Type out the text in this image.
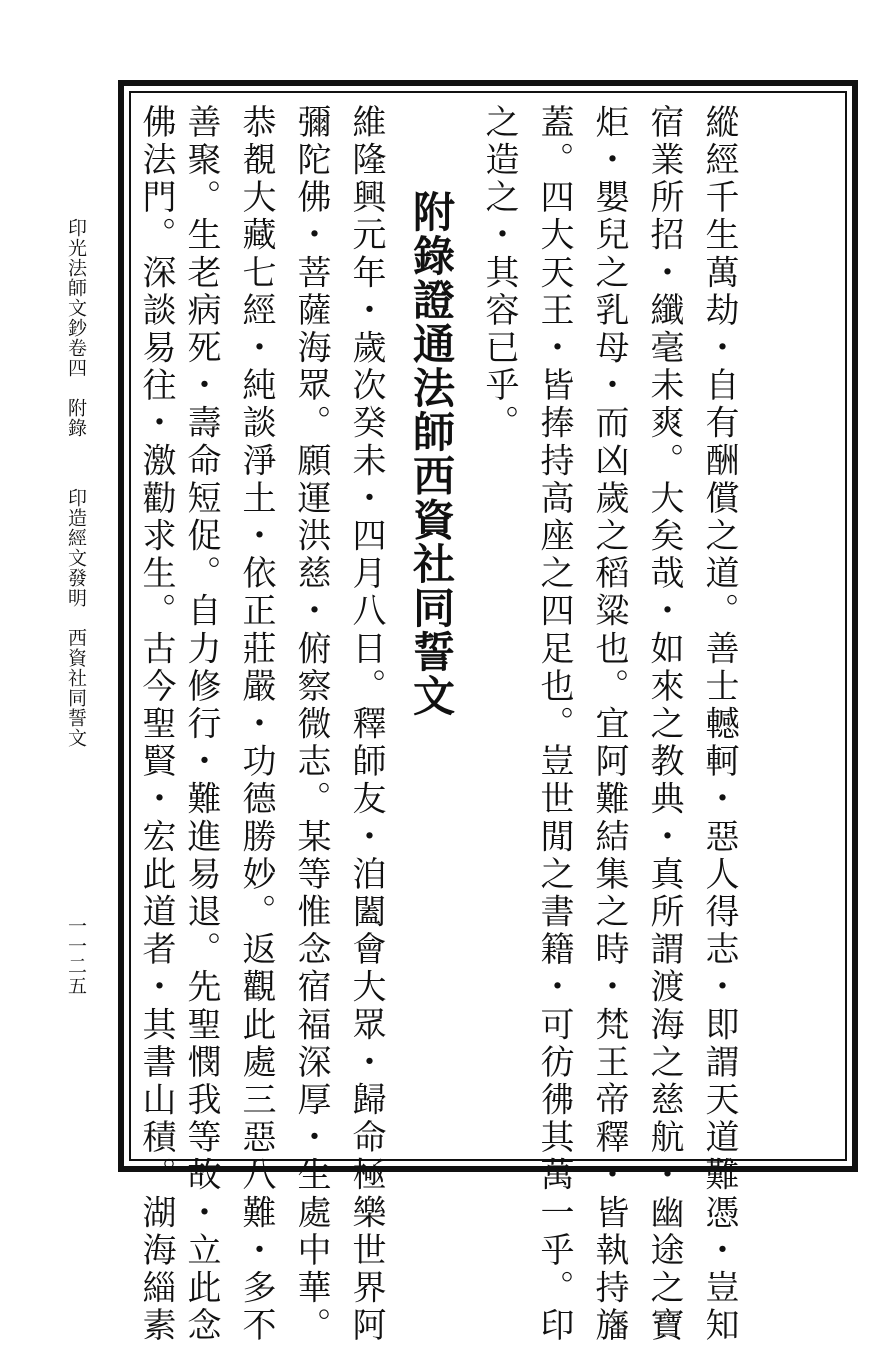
印光法師文鈔卷四　附錄
印造經文發明　西資社同誓文
一一二五	縱經千生萬劫・自有酬償之道。善士轗軻・惡人得志・即謂天道難憑・豈知
宿業所招・纖毫未爽。大矣哉・如來之教典・真所謂渡海之慈航・幽途之寶
炬・嬰兒之乳母・而凶歲之稻粱也。宜阿難結集之時・梵王帝釋・皆執持旛
蓋。四大天王・皆捧持高座之四足也。豈世閒之書籍・可彷彿其萬一乎。印
之造之・其容已乎。
附錄證通法師西資社同誓文
維隆興元年・歲次癸未・四月八日。釋師友・洎闔會大眾・歸命極樂世界阿
彌陀佛・菩薩海眾。願運洪慈・俯察微志。某等惟念宿福深厚・生處中華。
恭覩大藏七經・純談淨土・依正莊嚴・功德勝妙。返觀此處三惡八難・多不
善聚。生老病死・壽命短促。自力修行・難進易退。先聖憫我等故・立此念
佛法門。深談易往・激勸求生。古今聖賢・宏此道者・其書山積。湖海緇素
